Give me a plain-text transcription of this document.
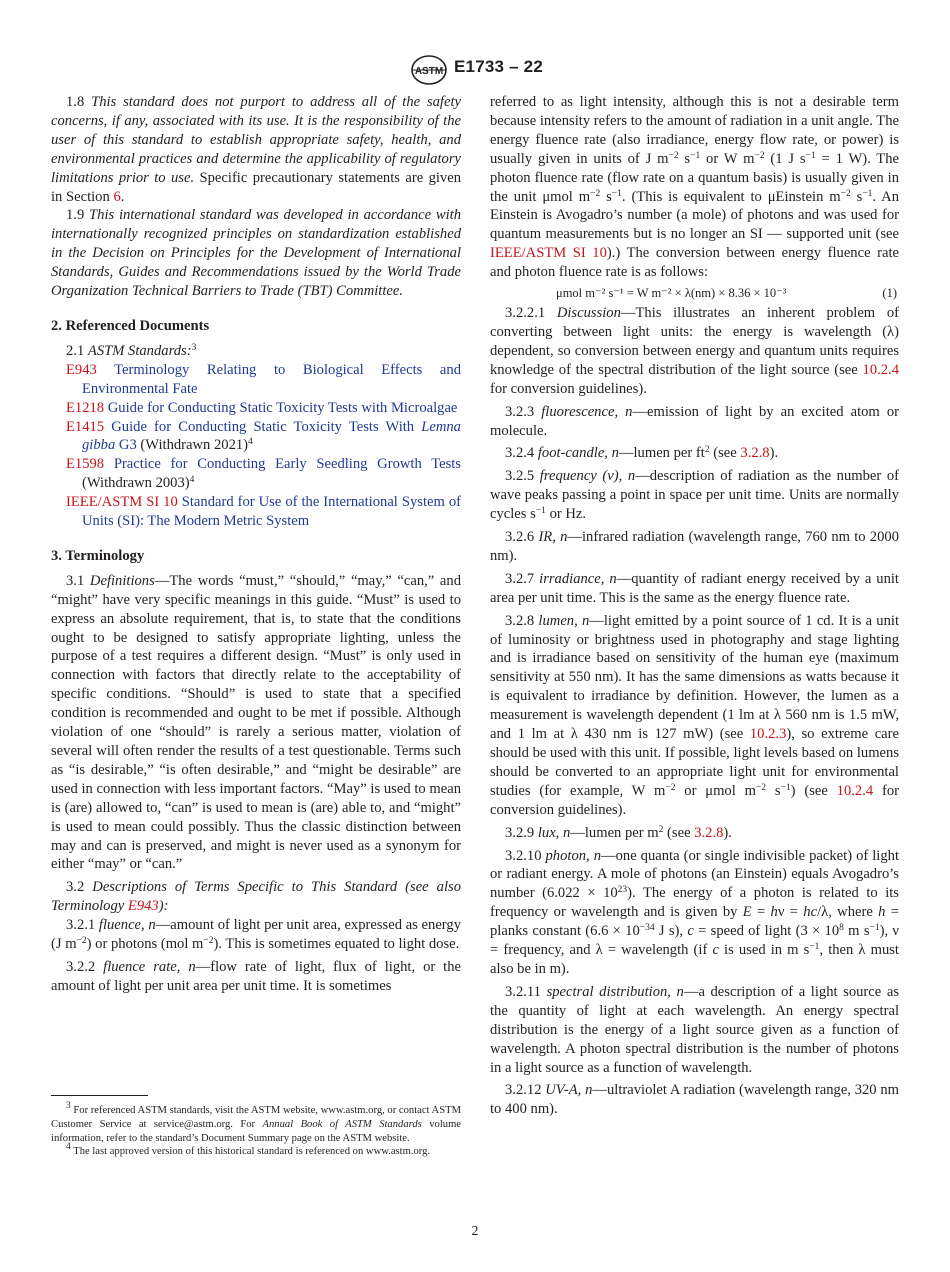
ASTM E1733 – 22

1.8 This standard does not purport to address all of the safety concerns, if any, associated with its use. It is the responsibility of the user of this standard to establish appropriate safety, health, and environmental practices and determine the applicability of regulatory limitations prior to use. Specific precautionary statements are given in Section 6.

1.9 This international standard was developed in accordance with internationally recognized principles on standardization established in the Decision on Principles for the Development of International Standards, Guides and Recommendations issued by the World Trade Organization Technical Barriers to Trade (TBT) Committee.

2. Referenced Documents

2.1 ASTM Standards:$^3$

E943 Terminology Relating to Biological Effects and Environmental Fate

E1218 Guide for Conducting Static Toxicity Tests with Microalgae

E1415 Guide for Conducting Static Toxicity Tests With Lemna gibba G3 (Withdrawn 2021)$^4$

E1598 Practice for Conducting Early Seedling Growth Tests (Withdrawn 2003)$^4$

IEEE/ASTM SI 10 Standard for Use of the International System of Units (SI): The Modern Metric System

3. Terminology

3.1 Definitions—The words “must,” “should,” “may,” “can,” and “might” have very specific meanings in this guide. “Must” is used to express an absolute requirement, that is, to state that the conditions ought to be designed to satisfy appropriate lighting, unless the purpose of a test requires a different design. “Must” is only used in connection with factors that directly relate to the acceptability of specific conditions. “Should” is used to state that a specified condition is recommended and ought to be met if possible. Although violation of one “should” is rarely a serious matter, violation of several will often render the results of a test questionable. Terms such as “is desirable,” “is often desirable,” and “might be desirable” are used in connection with less important factors. “May” is used to mean is (are) allowed to, “can” is used to mean is (are) able to, and “might” is used to mean could possibly. Thus the classic distinction between may and can is preserved, and might is never used as a synonym for either “may” or “can.”

3.2 Descriptions of Terms Specific to This Standard (see also Terminology E943):

3.2.1 fluence, n—amount of light per unit area, expressed as energy (J $m^{-2}$) or photons (mol $m^{-2}$). This is sometimes equated to light dose.

3.2.2 fluence rate, n—flow rate of light, flux of light, or the amount of light per unit area per unit time. It is sometimes

$^3$ For referenced ASTM standards, visit the ASTM website, www.astm.org, or contact ASTM Customer Service at service@astm.org. For Annual Book of ASTM Standards volume information, refer to the standard’s Document Summary page on the ASTM website.

$^4$ The last approved version of this historical standard is referenced on www.astm.org.

referred to as light intensity, although this is not a desirable term because intensity refers to the amount of radiation in a unit angle. The energy fluence rate (also irradiance, energy flow rate, or power) is usually given in units of J $m^{-2}$ $s^{-1}$ or W $m^{-2}$ (1 J $s^{-1} = 1$ W). The photon fluence rate (flow rate on a quantum basis) is usually given in the unit μmol $m^{-2}$ $s^{-1}$. (This is equivalent to μEinstein $m^{-2}$ $s^{-1}$. An Einstein is Avogadro’s number (a mole) of photons and was used for quantum measurements but is no longer an SI — supported unit (see IEEE/ASTM SI 10).) The conversion between energy fluence rate and photon fluence rate is as follows:

μmol m⁻² s⁻¹ = W m⁻² × λ(nm) × 8.36 × 10⁻³	(1)

3.2.2.1 Discussion—This illustrates an inherent problem of converting between light units: the energy is wavelength (λ) dependent, so conversion between energy and quantum units requires knowledge of the spectral distribution of the light source (see 10.2.4 for conversion guidelines).

3.2.3 fluorescence, n—emission of light by an excited atom or molecule.

3.2.4 foot-candle, n—lumen per $ft^2$ (see 3.2.8).

3.2.5 frequency (v), n—description of radiation as the number of wave peaks passing a point in space per unit time. Units are normally cycles $s^{-1}$ or Hz.

3.2.6 IR, n—infrared radiation (wavelength range, 760 nm to 2000 nm).

3.2.7 irradiance, n—quantity of radiant energy received by a unit area per unit time. This is the same as the energy fluence rate.

3.2.8 lumen, n—light emitted by a point source of 1 cd. It is a unit of luminosity or brightness used in photography and stage lighting and is irradiance based on sensitivity of the human eye (maximum sensitivity at 550 nm). It has the same dimensions as watts because it is equivalent to irradiance by definition. However, the lumen as a measurement is wavelength dependent (1 lm at λ 560 nm is 1.5 mW, and 1 lm at λ 430 nm is 127 mW) (see 10.2.3), so extreme care should be used with this unit. If possible, light levels based on lumens should be converted to an appropriate light unit for environmental studies (for example, W $m^{-2}$ or μmol $m^{-2}$ $s^{-1}$) (see 10.2.4 for conversion guidelines).

3.2.9 lux, n—lumen per $m^2$ (see 3.2.8).

3.2.10 photon, n—one quanta (or single indivisible packet) of light or radiant energy. A mole of photons (an Einstein) equals Avogadro’s number $(6.022 \times 10^{23})$. The energy of a photon is related to its frequency or wavelength and is given by E = hν = hc/λ, where h = planks constant ($6.6 \times 10^{-34}$ J s), c = speed of light ($3 \times 10^8$ m $s^{-1}$), ν = frequency, and λ = wavelength (if c is used in m $s^{-1}$, then λ must also be in m).

3.2.11 spectral distribution, n—a description of a light source as the quantity of light at each wavelength. An energy spectral distribution is the energy of a light source given as a function of wavelength. A photon spectral distribution is the number of photons in a light source as a function of wavelength.

3.2.12 UV-A, n—ultraviolet A radiation (wavelength range, 320 nm to 400 nm).

2
